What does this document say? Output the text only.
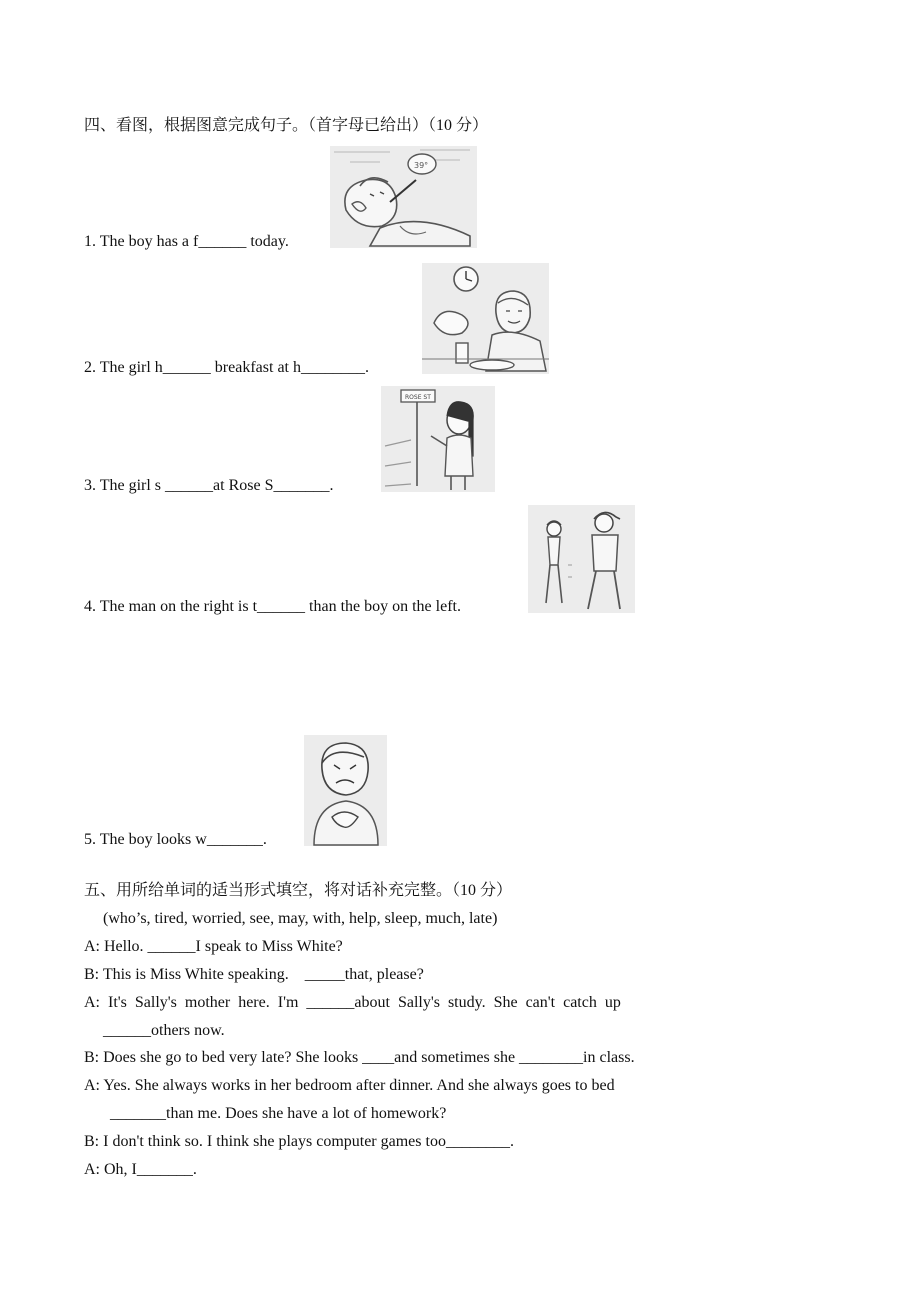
四、看图，根据图意完成句子。（首字母已给出）（10 分）
39°
1. The boy has a f______ today.
2. The girl h______ breakfast at h________.
ROSE ST
3. The girl s ______at Rose S_______.
4. The man on the right is t______ than the boy on the left.
5. The boy looks w_______.
五、用所给单词的适当形式填空，将对话补充完整。（10 分）
(who’s, tired, worried, see, may, with, help, sleep, much, late)
A: Hello. ______I speak to Miss White?
B: This is Miss White speaking.    _____that, please?
A:  It's  Sally's  mother  here.  I'm  ______about  Sally's  study.  She  can't  catch  up
______others now.
B: Does she go to bed very late? She looks ____and sometimes she ________in class.
A: Yes. She always works in her bedroom after dinner. And she always goes to bed
_______than me. Does she have a lot of homework?
B: I don't think so. I think she plays computer games too________.
A: Oh, I_______.
